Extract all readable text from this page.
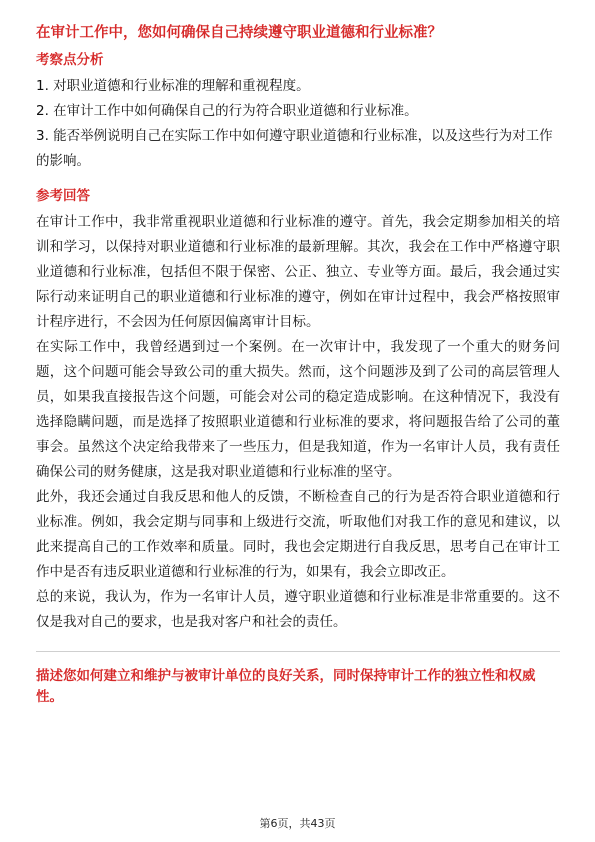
在审计工作中，您如何确保自己持续遵守职业道德和行业标准？

考察点分析

1. 对职业道德和行业标准的理解和重视程度。

2. 在审计工作中如何确保自己的行为符合职业道德和行业标准。

3. 能否举例说明自己在实际工作中如何遵守职业道德和行业标准，以及这些行为对工作的影响。

参考回答

在审计工作中，我非常重视职业道德和行业标准的遵守。首先，我会定期参加相关的培训和学习，以保持对职业道德和行业标准的最新理解。其次，我会在工作中严格遵守职业道德和行业标准，包括但不限于保密、公正、独立、专业等方面。最后，我会通过实际行动来证明自己的职业道德和行业标准的遵守，例如在审计过程中，我会严格按照审计程序进行，不会因为任何原因偏离审计目标。

在实际工作中，我曾经遇到过一个案例。在一次审计中，我发现了一个重大的财务问题，这个问题可能会导致公司的重大损失。然而，这个问题涉及到了公司的高层管理人员，如果我直接报告这个问题，可能会对公司的稳定造成影响。在这种情况下，我没有选择隐瞒问题，而是选择了按照职业道德和行业标准的要求，将问题报告给了公司的董事会。虽然这个决定给我带来了一些压力，但是我知道，作为一名审计人员，我有责任确保公司的财务健康，这是我对职业道德和行业标准的坚守。

此外，我还会通过自我反思和他人的反馈，不断检查自己的行为是否符合职业道德和行业标准。例如，我会定期与同事和上级进行交流，听取他们对我工作的意见和建议，以此来提高自己的工作效率和质量。同时，我也会定期进行自我反思，思考自己在审计工作中是否有违反职业道德和行业标准的行为，如果有，我会立即改正。

总的来说，我认为，作为一名审计人员，遵守职业道德和行业标准是非常重要的。这不仅是我对自己的要求，也是我对客户和社会的责任。

描述您如何建立和维护与被审计单位的良好关系，同时保持审计工作的独立性和权威性。

第6页，共43页
